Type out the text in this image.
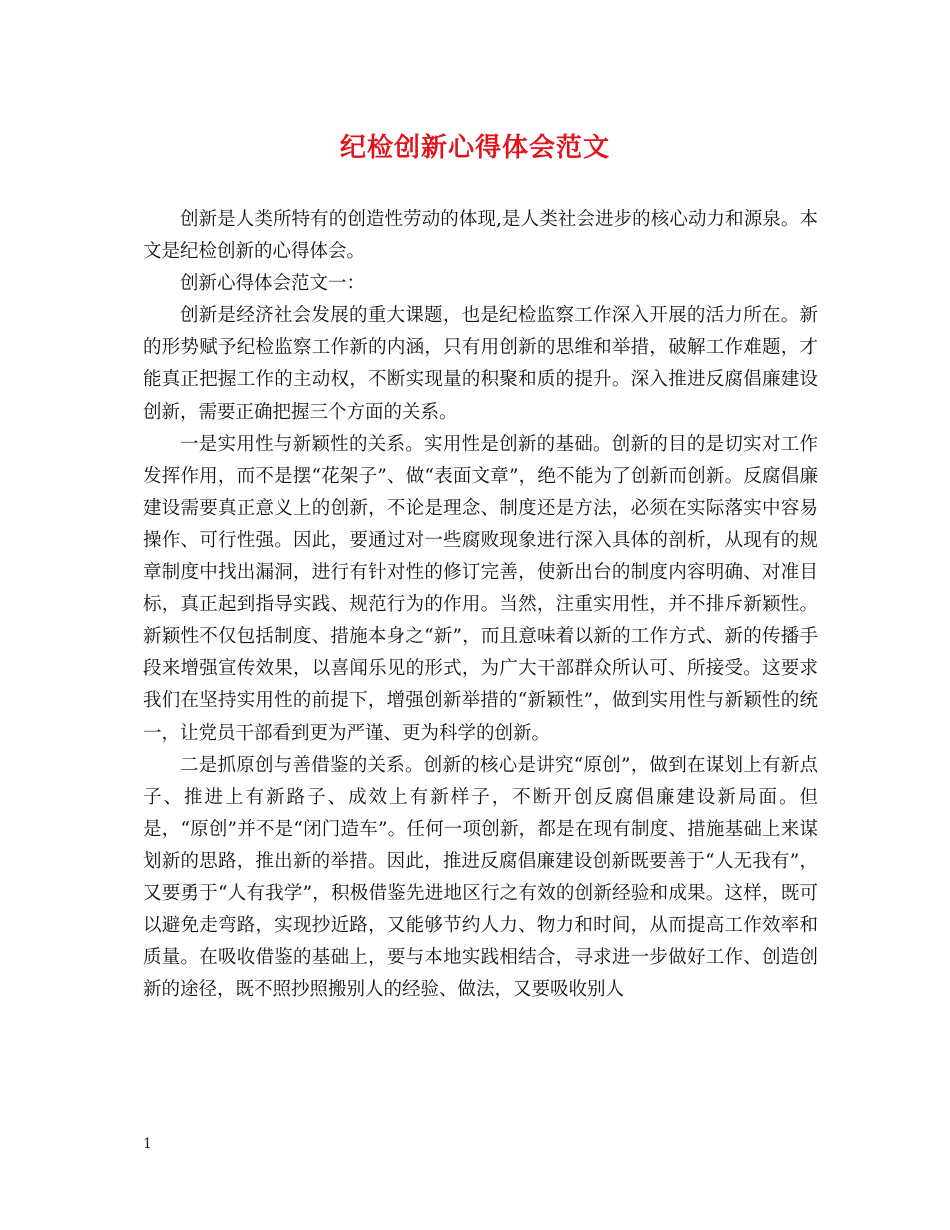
纪检创新心得体会范文

创新是人类所特有的创造性劳动的体现,是人类社会进步的核心动力和源泉。本文是纪检创新的心得体会。

创新心得体会范文一：

创新是经济社会发展的重大课题，也是纪检监察工作深入开展的活力所在。新的形势赋予纪检监察工作新的内涵，只有用创新的思维和举措，破解工作难题，才能真正把握工作的主动权，不断实现量的积聚和质的提升。深入推进反腐倡廉建设创新，需要正确把握三个方面的关系。

一是实用性与新颖性的关系。实用性是创新的基础。创新的目的是切实对工作发挥作用，而不是摆“花架子”、做“表面文章”，绝不能为了创新而创新。反腐倡廉建设需要真正意义上的创新，不论是理念、制度还是方法，必须在实际落实中容易操作、可行性强。因此，要通过对一些腐败现象进行深入具体的剖析，从现有的规章制度中找出漏洞，进行有针对性的修订完善，使新出台的制度内容明确、对准目标，真正起到指导实践、规范行为的作用。当然，注重实用性，并不排斥新颖性。新颖性不仅包括制度、措施本身之“新”，而且意味着以新的工作方式、新的传播手段来增强宣传效果，以喜闻乐见的形式，为广大干部群众所认可、所接受。这要求我们在坚持实用性的前提下，增强创新举措的“新颖性”，做到实用性与新颖性的统一，让党员干部看到更为严谨、更为科学的创新。

二是抓原创与善借鉴的关系。创新的核心是讲究“原创”，做到在谋划上有新点子、推进上有新路子、成效上有新样子，不断开创反腐倡廉建设新局面。但是，“原创”并不是“闭门造车”。任何一项创新，都是在现有制度、措施基础上来谋划新的思路，推出新的举措。因此，推进反腐倡廉建设创新既要善于“人无我有”，又要勇于“人有我学”，积极借鉴先进地区行之有效的创新经验和成果。这样，既可以避免走弯路，实现抄近路，又能够节约人力、物力和时间，从而提高工作效率和质量。在吸收借鉴的基础上，要与本地实践相结合，寻求进一步做好工作、创造创新的途径，既不照抄照搬别人的经验、做法，又要吸收别人

1
